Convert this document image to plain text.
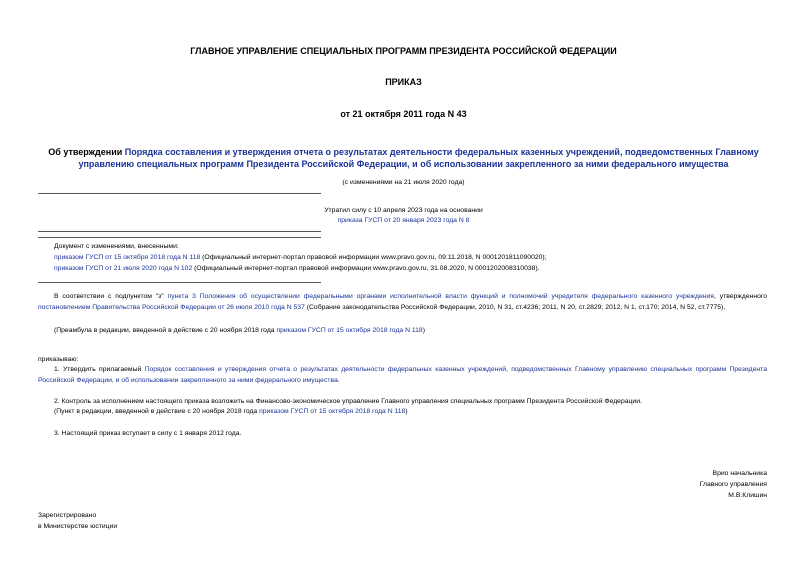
ГЛАВНОЕ УПРАВЛЕНИЕ СПЕЦИАЛЬНЫХ ПРОГРАММ ПРЕЗИДЕНТА РОССИЙСКОЙ ФЕДЕРАЦИИ
ПРИКАЗ
от 21 октября 2011 года N 43
Об утверждении Порядка составления и утверждения отчета о результатах деятельности федеральных казенных учреждений, подведомственных Главному управлению специальных программ Президента Российской Федерации, и об использовании закрепленного за ними федерального имущества
(с изменениями на 21 июля 2020 года)
Утратил силу с 10 апреля 2023 года на основании
приказа ГУСП от 20 января 2023 года N 8
Документ с изменениями, внесенными:
приказом ГУСП от 15 октября 2018 года N 118 (Официальный интернет-портал правовой информации www.pravo.gov.ru, 09.11.2018, N 0001201811090020);
приказом ГУСП от 21 июля 2020 года N 102 (Официальный интернет-портал правовой информации www.pravo.gov.ru, 31.08.2020, N 0001202008310038).
В соответствии с подпунктом "з" пункта 3 Положения об осуществлении федеральными органами исполнительной власти функций и полномочий учредителя федерального казенного учреждения, утвержденного постановлением Правительства Российской Федерации от 26 июля 2010 года N 537 (Собрание законодательства Российской Федерации, 2010, N 31, ст.4236; 2011, N 20, ст.2829; 2012, N 1, ст.170; 2014, N 52, ст.7775),
(Преамбула в редакции, введенной в действие с 20 ноября 2018 года приказом ГУСП от 15 октября 2018 года N 118)
приказываю:
1. Утвердить прилагаемый Порядок составления и утверждения отчета о результатах деятельности федеральных казенных учреждений, подведомственных Главному управлению специальных программ Президента Российской Федерации, и об использовании закрепленного за ними федерального имущества.
2. Контроль за исполнением настоящего приказа возложить на Финансово-экономическое управление Главного управления специальных программ Президента Российской Федерации.
(Пункт в редакции, введенной в действие с 20 ноября 2018 года приказом ГУСП от 15 октября 2018 года N 118)
3. Настоящий приказ вступает в силу с 1 января 2012 года.
Врио начальника
Главного управления
М.В.Клишин
Зарегистрировано
в Министерстве юстиции
